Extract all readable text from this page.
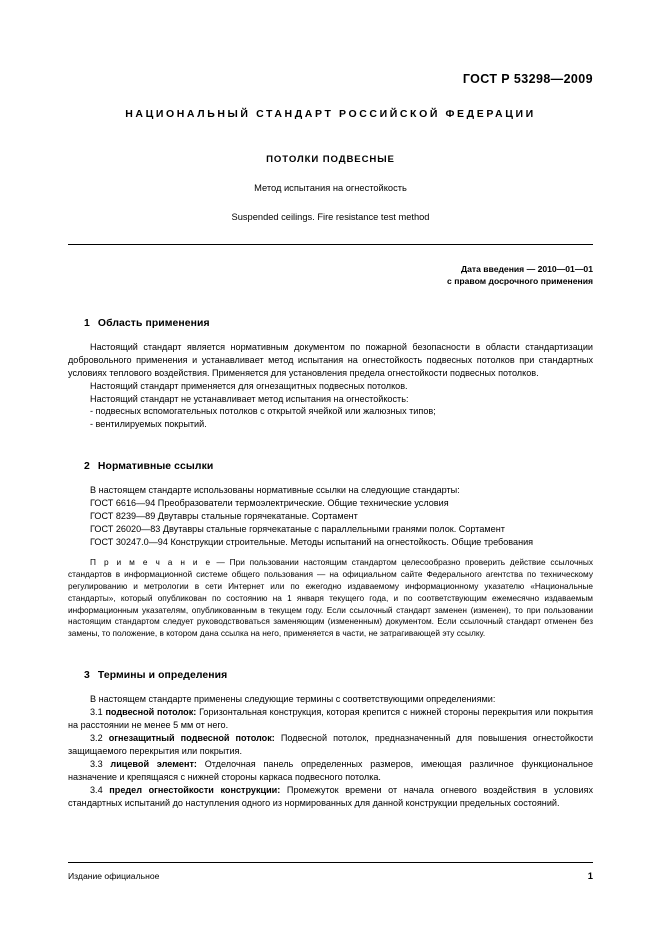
ГОСТ Р 53298—2009
НАЦИОНАЛЬНЫЙ СТАНДАРТ РОССИЙСКОЙ ФЕДЕРАЦИИ
ПОТОЛКИ ПОДВЕСНЫЕ
Метод испытания на огнестойкость
Suspended ceilings. Fire resistance test method
Дата введения — 2010—01—01
с правом досрочного применения
1 Область применения

Настоящий стандарт является нормативным документом по пожарной безопасности в области стандартизации добровольного применения и устанавливает метод испытания на огнестойкость подвесных потолков при стандартных условиях теплового воздействия. Применяется для установления предела огнестойкости подвесных потолков.

Настоящий стандарт применяется для огнезащитных подвесных потолков.

Настоящий стандарт не устанавливает метод испытания на огнестойкость:

- подвесных вспомогательных потолков с открытой ячейкой или жалюзных типов;

- вентилируемых покрытий.

2 Нормативные ссылки

В настоящем стандарте использованы нормативные ссылки на следующие стандарты:

ГОСТ 6616—94 Преобразователи термоэлектрические. Общие технические условия

ГОСТ 8239—89 Двутавры стальные горячекатаные. Сортамент

ГОСТ 26020—83 Двутавры стальные горячекатаные с параллельными гранями полок. Сортамент

ГОСТ 30247.0—94 Конструкции строительные. Методы испытаний на огнестойкость. Общие требования

П р и м е ч а н и е — При пользовании настоящим стандартом целесообразно проверить действие ссылочных стандартов в информационной системе общего пользования — на официальном сайте Федерального агентства по техническому регулированию и метрологии в сети Интернет или по ежегодно издаваемому информационному указателю «Национальные стандарты», который опубликован по состоянию на 1 января текущего года, и по соответствующим ежемесячно издаваемым информационным указателям, опубликованным в текущем году. Если ссылочный стандарт заменен (изменен), то при пользовании настоящим стандартом следует руководствоваться заменяющим (измененным) документом. Если ссылочный стандарт отменен без замены, то положение, в котором дана ссылка на него, применяется в части, не затрагивающей эту ссылку.

3 Термины и определения

В настоящем стандарте применены следующие термины с соответствующими определениями:

3.1 подвесной потолок: Горизонтальная конструкция, которая крепится с нижней стороны перекрытия или покрытия на расстоянии не менее 5 мм от него.

3.2 огнезащитный подвесной потолок: Подвесной потолок, предназначенный для повышения огнестойкости защищаемого перекрытия или покрытия.

3.3 лицевой элемент: Отделочная панель определенных размеров, имеющая различное функциональное назначение и крепящаяся с нижней стороны каркаса подвесного потолка.

3.4 предел огнестойкости конструкции: Промежуток времени от начала огневого воздействия в условиях стандартных испытаний до наступления одного из нормированных для данной конструкции предельных состояний.

Издание официальное	1
